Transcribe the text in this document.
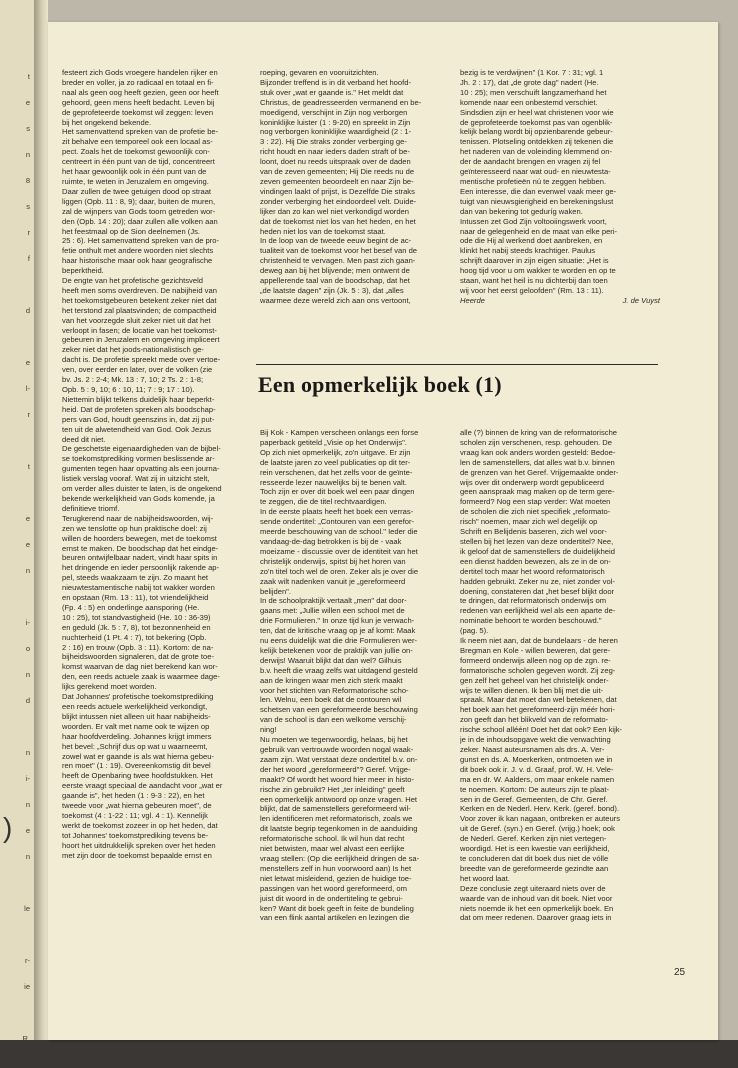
)
t
e
s
n
8
s
r
f
d
e
l-
r
t
e
e
n
i-
o
n
d
n
i-
n
e
n
le
r-
ie
R.
festeert zich Gods vroegere handelen rijker en
breder en voller, ja zo radicaal en totaal en fi-
naal als geen oog heeft gezien, geen oor heeft
gehoord, geen mens heeft bedacht. Leven bij
de geprofeteerde toekomst wil zeggen: leven
bij het ongekend bekende.
Het samenvattend spreken van de profetie be-
zit behalve een temporeel ook een locaal as-
pect. Zoals het de toekomst gewoonlijk con-
centreert in één punt van de tijd, concentreert
het haar gewoonlijk ook in één punt van de
ruimte, te weten in Jeruzalem en omgeving.
Daar zullen de twee getuigen dood op straat
liggen (Opb. 11 : 8, 9); daar, buiten de muren,
zal de wijnpers van Gods toorn getreden wor-
den (Opb. 14 : 20); daar zullen alle volken aan
het feestmaal op de Sion deelnemen (Js.
25 : 6). Het samenvattend spreken van de pro-
fetie onthult met andere woorden niet slechts
haar historische maar ook haar geografische
beperktheid.
De engte van het profetische gezichtsveld
heeft men soms overdreven. De nabijheid van
het toekomstgebeuren betekent zeker niet dat
het terstond zal plaatsvinden; de compactheid
van het voorzegde sluit zeker niet uit dat het
verloopt in fasen; de locatie van het toekomst-
gebeuren in Jeruzalem en omgeving impliceert
zeker niet dat het joods-nationalistisch ge-
dacht is. De profetie spreekt mede over vertoe-
ven, over eerder en later, over de volken (zie
bv. Js. 2 : 2-4; Mk. 13 : 7, 10; 2 Ts. 2 : 1-8;
Opb. 5 : 9, 10; 6 : 10, 11; 7 : 9; 17 : 10).
Niettemin blijkt telkens duidelijk haar beperkt-
heid. Dat de profeten spreken als boodschap-
pers van God, houdt geenszins in, dat zij put-
ten uit de alwetendheid van God. Ook Jezus
deed dit niet.
De geschetste eigenaardigheden van de bijbel-
se toekomstprediking vormen beslissende ar-
gumenten tegen haar opvatting als een journa-
listiek verslag vooraf. Wat zij in uitzicht stelt,
om verder alles duister te laten, is de ongekend
bekende werkelijkheid van Gods komende, ja
definitieve triomf.
Terugkerend naar de nabijheidswoorden, wij-
zen we tenslotte op hun praktische doel: zij
willen de hoorders bewegen, met de toekomst
ernst te maken. De boodschap dat het eindge-
beuren ontwijfelbaar nadert, vindt haar spits in
het dringende en ieder persoonlijk rakende ap-
pel, steeds waakzaam te zijn. Zo maant het
nieuwtestamentische nabij tot wakker worden
en opstaan (Rm. 13 : 11), tot vriendelijkheid
(Fp. 4 : 5) en onderlinge aansporing (He.
10 : 25), tot standvastigheid (He. 10 : 36-39)
en geduld (Jk. 5 : 7, 8), tot bezonnenheid en
nuchterheid (1 Pt. 4 : 7), tot bekering (Opb.
2 : 16) en trouw (Opb. 3 : 11). Kortom: de na-
bijheidswoorden signaleren, dat de grote toe-
komst waarvan de dag niet berekend kan wor-
den, een reeds actuele zaak is waarmee dage-
lijks gerekend moet worden.
Dat Johannes' profetische toekomstprediking
een reeds actuele werkelijkheid verkondigt,
blijkt intussen niet alleen uit haar nabijheids-
woorden. Er valt met name ook te wijzen op
haar hoofdverdeling. Johannes krijgt immers
het bevel: „Schrijf dus op wat u waarneemt,
zowel wat er gaande is als wat hierna gebeu-
ren moet" (1 : 19). Overeenkomstig dit bevel
heeft de Openbaring twee hoofdstukken. Het
eerste vraagt speciaal de aandacht voor „wat er
gaande is", het heden (1 : 9-3 : 22), en het
tweede voor „wat hierna gebeuren moet", de
toekomst (4 : 1-22 : 11; vgl. 4 : 1). Kennelijk
werkt de toekomst zozeer in op het heden, dat
tot Johannes' toekomstprediking tevens be-
hoort het uitdrukkelijk spreken over het heden
met zijn door de toekomst bepaalde ernst en
roeping, gevaren en vooruitzichten.
Bijzonder treffend is in dit verband het hoofd-
stuk over „wat er gaande is." Het meldt dat
Christus, de geadresseerden vermanend en be-
moedigend, verschijnt in Zijn nog verborgen
koninklijke luister (1 : 9-20) en spreekt in Zijn
nog verborgen koninklijke waardigheid (2 : 1-
3 : 22). Hij Die straks zonder verberging ge-
richt houdt en naar ieders daden straft of be-
loont, doet nu reeds uitspraak over de daden
van de zeven gemeenten; Hij Die reeds nu de
zeven gemeenten beoordeelt en naar Zijn be-
vindingen laakt of prijst, is Dezelfde Die straks
zonder verberging het eindoordeel velt. Duide-
lijker dan zo kan wel niet verkondigd worden
dat de toekomst niet los van het heden, en het
heden niet los van de toekomst staat.
In de loop van de tweede eeuw begint de ac-
tualiteit van de toekomst voor het besef van de
christenheid te vervagen. Men past zich gaan-
deweg aan bij het blijvende; men ontwent de
appellerende taal van de boodschap, dat het
„de laatste dagen" zijn (Jk. 5 : 3), dat „alles
waarmee deze wereld zich aan ons vertoont,
bezig is te verdwijnen" (1 Kor. 7 : 31; vgl. 1
Jh. 2 : 17), dat „de grote dag" nadert (He.
10 : 25); men verschuift langzamerhand het
komende naar een onbestemd verschiet.
Sindsdien zijn er heel wat christenen voor wie
de geprofeteerde toekomst pas van ogenblik-
kelijk belang wordt bij opzienbarende gebeur-
tenissen. Plotseling ontdekken zij tekenen die
het naderen van de voleinding klemmend on-
der de aandacht brengen en vragen zij fel
geïnteresseerd naar wat oud- en nieuwtesta-
mentische profetieën nú te zeggen hebben.
Een interesse, die dan evenwel vaak meer ge-
tuigt van nieuwsgierigheid en berekeningslust
dan van bekering tot geduríg waken.
Intussen zet God Zijn voltooiingswerk voort,
naar de gelegenheid en de maat van elke peri-
ode die Hij al werkend doet aanbreken, en
klinkt het nabij steeds krachtiger. Paulus
schrijft daarover in zijn eigen situatie: „Het is
hoog tijd voor u om wakker te worden en op te
staan, want het heil is nu dichterbij dan toen
wij voor het eerst geloofden" (Rm. 13 : 11).
Heerde	J. de Vuyst
Een opmerkelijk boek (1)
Bij Kok - Kampen verscheen onlangs een forse
paperback getiteld „Visie op het Onderwijs".
Op zich niet opmerkelijk, zo'n uitgave. Er zijn
de laatste jaren zo veel publicaties op dit ter-
rein verschenen, dat het zelfs voor de geïnte-
resseerde lezer nauwelijks bij te benen valt.
Toch zijn er over dit boek wel een paar dingen
te zeggen, die de titel rechtvaardigen.
In de eerste plaats heeft het boek een verras-
sende ondertitel: „Contouren van een gerefor-
meerde beschouwing van de school." Ieder die
vandaag-de-dag betrokken is bij de - vaak
moeizame - discussie over de identiteit van het
christelijk onderwijs, spitst bij het horen van
zo'n titel toch wel de oren. Zeker als je over die
zaak wilt nadenken vanuit je „gereformeerd
belijden".
In de schoolpraktijk vertaalt „men" dat door-
gaans met: „Jullie willen een school met de
drie Formulieren." In onze tijd kun je verwach-
ten, dat de kritische vraag op je af komt: Maak
nu eens duidelijk wat die drie Formulieren wer-
kelijk betekenen voor de praktijk van jullie on-
derwijs! Waaruit blijkt dat dan wel? Gilhuis
b.v. heeft die vraag zelfs wat uitdagend gesteld
aan de kringen waar men zich sterk maakt
voor het stichten van Reformatorische scho-
len. Welnu, een boek dat de contouren wil
schetsen van een gereformeerde beschouwing
van de school is dan een welkome verschij-
ning!
Nu moeten we tegenwoordig, helaas, bij het
gebruik van vertrouwde woorden nogal waak-
zaam zijn. Wat verstaat deze ondertitel b.v. on-
der het woord „gereformeerd"? Geref. Vrijge-
maakt? Of wordt het woord hier meer in histo-
rische zin gebruikt? Het „ter inleiding" geeft
een opmerkelijk antwoord op onze vragen. Het
blijkt, dat de samenstellers gereformeerd wil-
len identificeren met reformatorisch, zoals we
dit laatste begrip tegenkomen in de aanduiding
reformatorische school. Ik wil hun dat recht
niet betwisten, maar wel alvast een eerlijke
vraag stellen: (Op die eerlijkheid dringen de sa-
menstellers zelf in hun voorwoord aan) Is het
niet letwat misleidend, gezien de huidige toe-
passingen van het woord gereformeerd, om
juist dit woord in de ondertiteling te gebrui-
ken? Want dit boek geeft in feite de bundeling
van een flink aantal artikelen en lezingen die
alle (?) binnen de kring van de reformatorische
scholen zijn verschenen, resp. gehouden. De
vraag kan ook anders worden gesteld: Bedoe-
len de samenstellers, dat alles wat b.v. binnen
de grenzen van het Geref. Vrijgemaakte onder-
wijs over dit onderwerp wordt gepubliceerd
geen aanspraak mag maken op de term gere-
formeerd? Nog een stap verder: Wat moeten
de scholen die zich niet specifiek „reformato-
risch" noemen, maar zich wel degelijk op
Schrift en Belijdenis baseren, zich wel voor-
stellen bij het lezen van deze ondertitel? Nee,
ik geloof dat de samenstellers de duidelijkheid
een dienst hadden bewezen, als ze in de on-
dertitel toch maar het woord reformatorisch
hadden gebruikt. Zeker nu ze, niet zonder vol-
doening, constateren dat „het besef blijkt door
te dringen, dat reformatorisch onderwijs om
redenen van eerlijkheid wel als een aparte de-
nominatie behoort te worden beschouwd."
(pag. 5).
Ik neem niet aan, dat de bundelaars - de heren
Bregman en Kole - willen beweren, dat gere-
formeerd onderwijs alleen nog op de zgn. re-
formatorische scholen gegeven wordt. Zij zeg-
gen zelf het geheel van het christelijk onder-
wijs te willen dienen. Ik ben blij met die uit-
spraak. Maar dat moet dan wel betekenen, dat
het boek aan het gereformeerd-zijn méér hori-
zon geeft dan het blikveld van de reformato-
rische school alléén! Doet het dat ook? Een kijk-
je in de inhoudsopgave wekt die verwachting
zeker. Naast auteursnamen als drs. A. Ver-
gunst en ds. A. Moerkerken, ontmoeten we in
dit boek ook ir. J. v. d. Graaf, prof. W. H. Vele-
ma en dr. W. Aalders, om maar enkele namen
te noemen. Kortom: De auteurs zijn te plaat-
sen in de Geref. Gemeenten, de Chr. Geref.
Kerken en de Nederl. Herv. Kerk. (geref. bond).
Voor zover ik kan nagaan, ontbreken er auteurs
uit de Geref. (syn.) en Geref. (vrijg.) hoek; ook
de Nederl. Geref. Kerken zijn niet vertegen-
woordigd. Het is een kwestie van eerlijkheid,
te concluderen dat dit boek dus niet de vólle
breedte van de gereformeerde gezindte aan
het woord laat.
Deze conclusie zegt uiteraard niets over de
waarde van de inhoud van dit boek. Niet voor
niets noemde ik het een opmerkelijk boek. En
dat om meer redenen. Daarover graag iets in
25
